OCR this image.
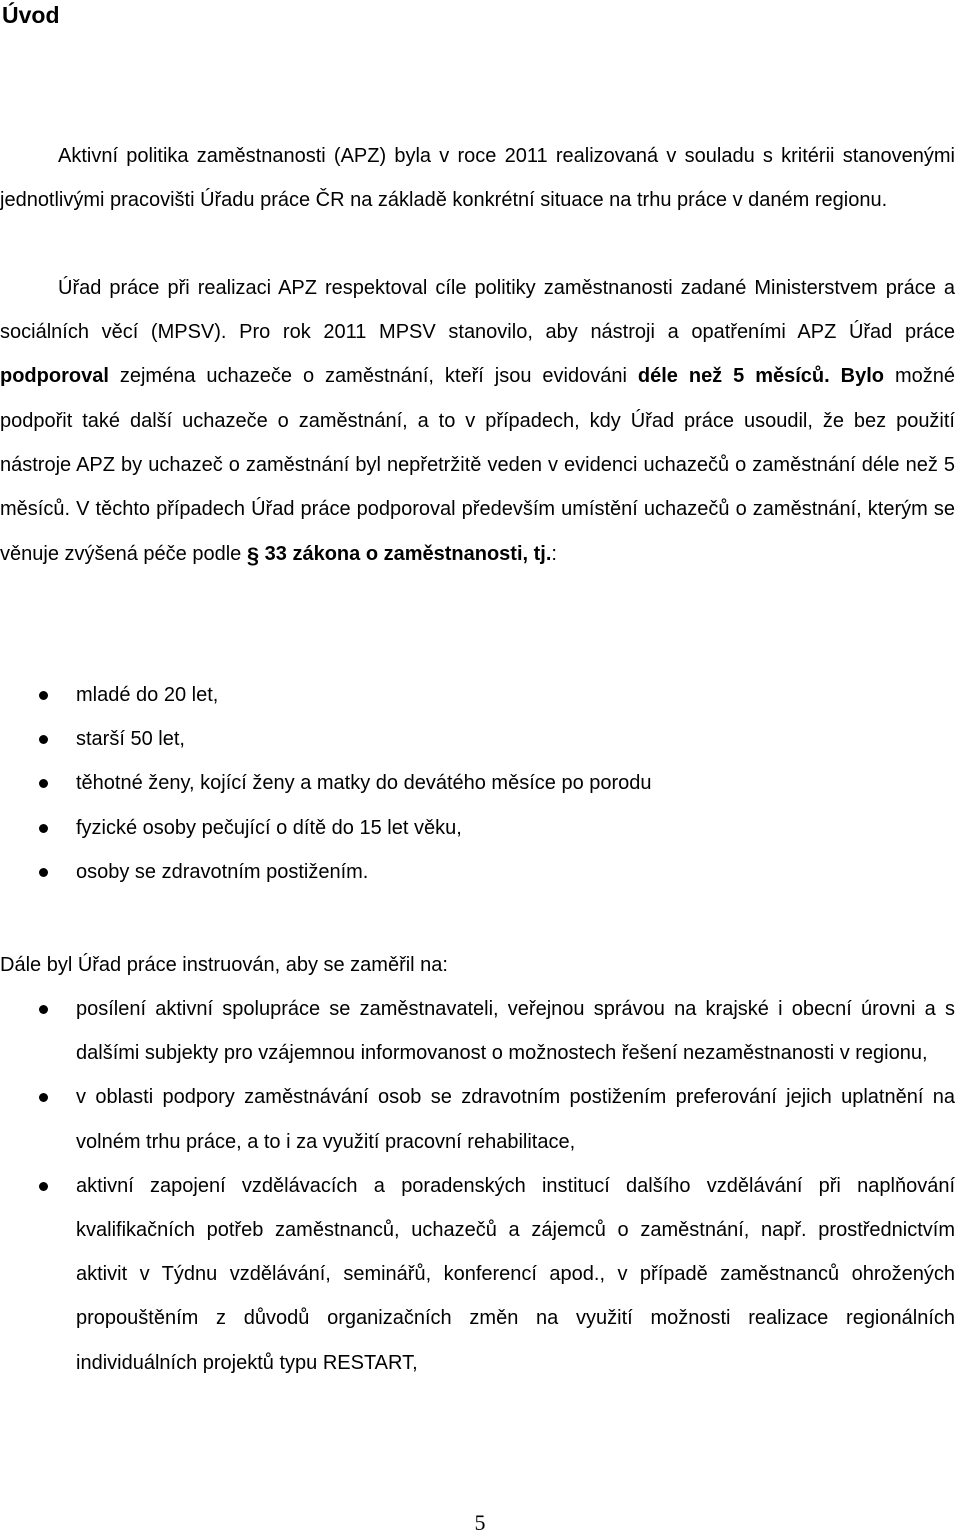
Úvod

Aktivní politika zaměstnanosti (APZ) byla v roce 2011 realizovaná v souladu s kritérii stanovenými jednotlivými pracovišti Úřadu práce ČR na základě konkrétní situace na trhu práce v daném regionu.

Úřad práce při realizaci APZ respektoval cíle politiky zaměstnanosti zadané Ministerstvem práce a sociálních věcí (MPSV). Pro rok 2011 MPSV stanovilo, aby nástroji a opatřeními APZ Úřad práce podporoval zejména uchazeče o zaměstnání, kteří jsou evidováni déle než 5 měsíců. Bylo možné podpořit také další uchazeče o zaměstnání, a to v případech, kdy Úřad práce usoudil, že bez použití nástroje APZ by uchazeč o zaměstnání byl nepřetržitě veden v evidenci uchazečů o zaměstnání déle než 5 měsíců. V těchto případech Úřad práce podporoval především umístění uchazečů o zaměstnání, kterým se věnuje zvýšená péče podle § 33 zákona o zaměstnanosti, tj.:

mladé do 20 let,
starší 50 let,
těhotné ženy, kojící ženy a matky do devátého měsíce po porodu
fyzické osoby pečující o dítě do 15 let věku,
osoby se zdravotním postižením.

Dále byl Úřad práce instruován, aby se zaměřil na:

posílení aktivní spolupráce se zaměstnavateli, veřejnou správou na krajské i obecní úrovni a s dalšími subjekty pro vzájemnou informovanost o možnostech řešení nezaměstnanosti v regionu,
v oblasti podpory zaměstnávání osob se zdravotním postižením preferování jejich uplatnění na volném trhu práce, a to i za využití pracovní rehabilitace,
aktivní zapojení vzdělávacích a poradenských institucí dalšího vzdělávání při naplňování kvalifikačních potřeb zaměstnanců, uchazečů a zájemců o zaměstnání, např. prostřednictvím aktivit v Týdnu vzdělávání, seminářů, konferencí apod., v případě zaměstnanců ohrožených propouštěním z důvodů organizačních změn na využití možnosti realizace regionálních individuálních projektů typu RESTART,
5
